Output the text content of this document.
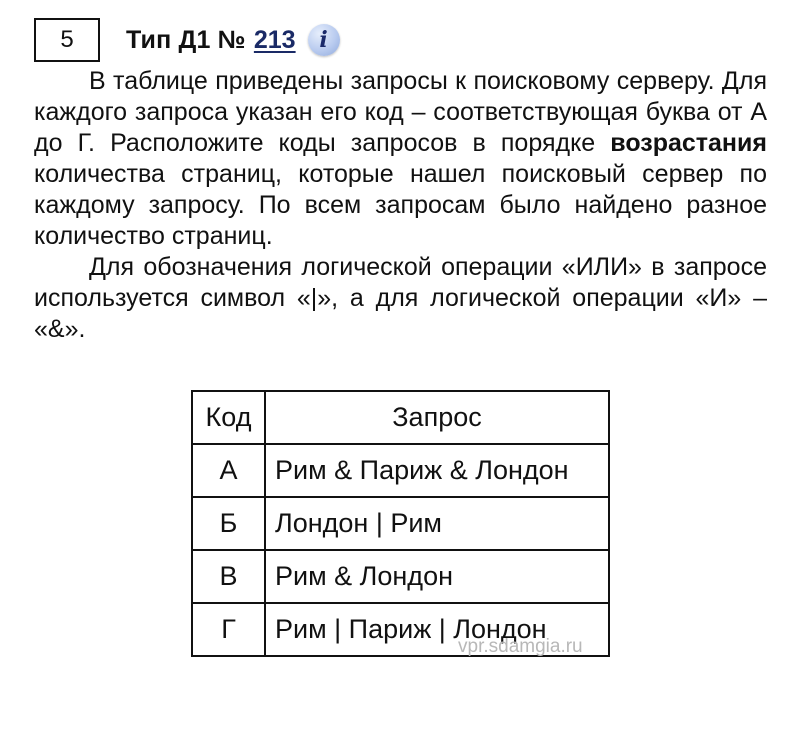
5 Тип Д1 № 213	i

В таблице приведены запросы к поисковому серверу. Для каждого запроса указан его код – соответствующая буква от А до Г. Расположите коды запросов в порядке возрастания количества страниц, которые нашел поисковый сервер по каждому запросу. По всем запросам было найдено разное количество страниц.

Для обозначения логической операции «ИЛИ» в запросе используется символ «|», а для логической операции «И» – «&».

Код	Запрос
А	Рим & Париж & Лондон
Б	Лондон | Рим
В	Рим & Лондон
Г	Рим | Париж | Лондон
vpr.sdamgia.ru
